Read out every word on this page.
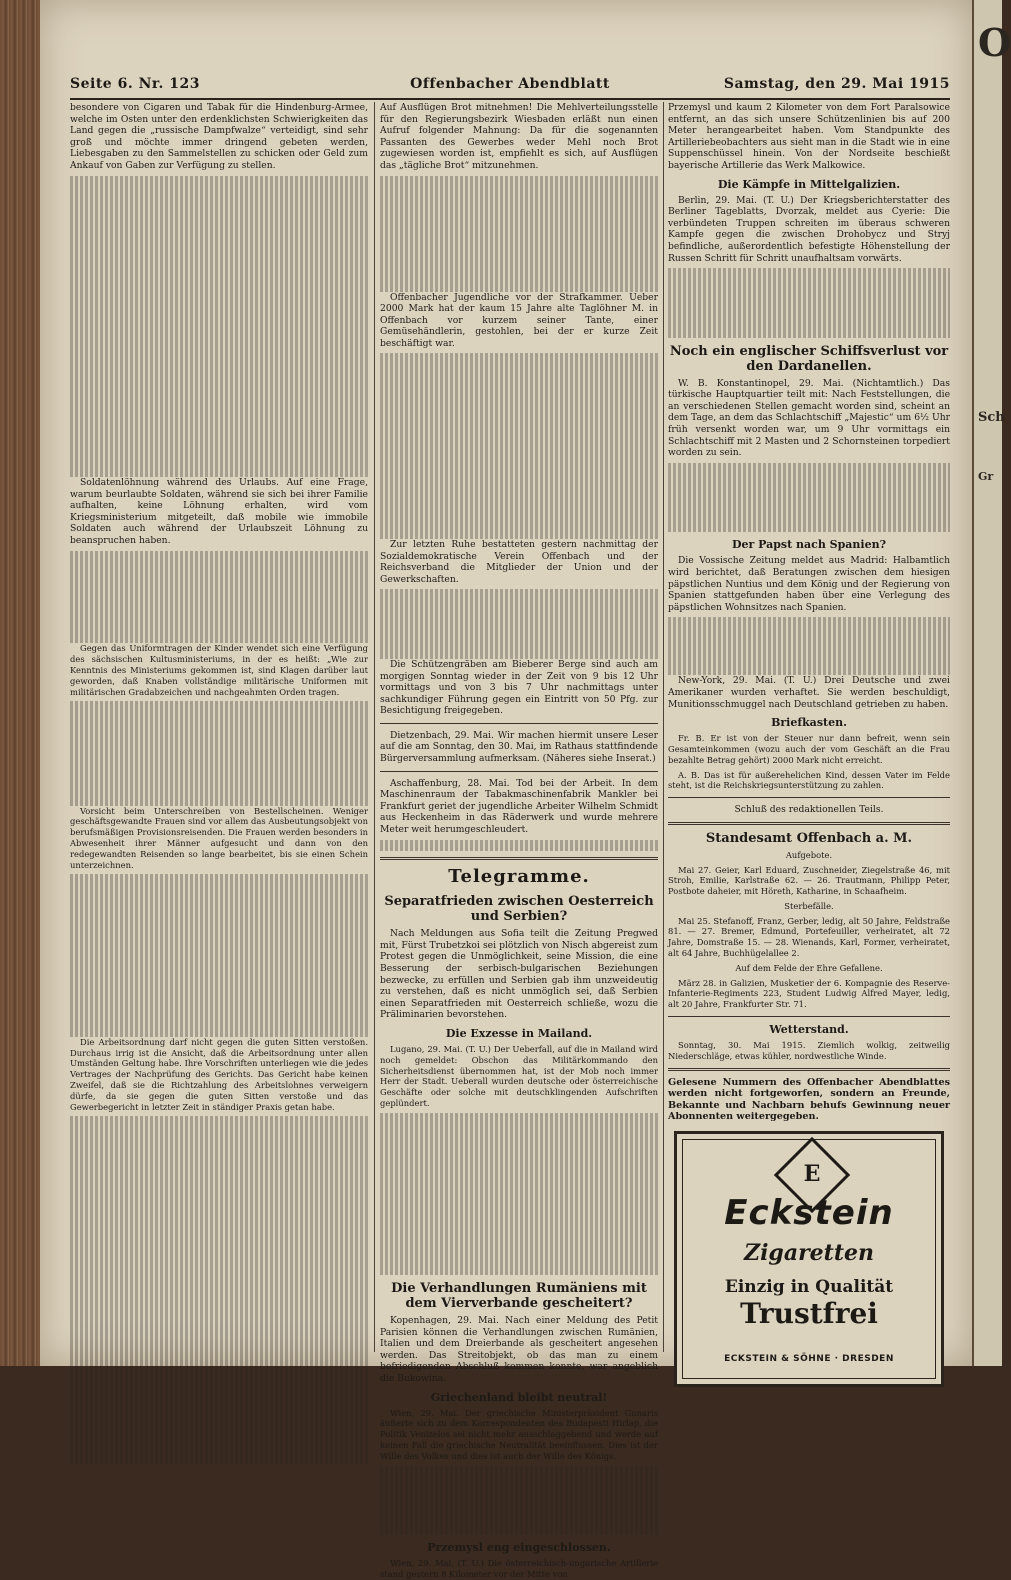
O
Gr
Sch
Seite 6. Nr. 123	Offenbacher Abendblatt	Samstag, den 29. Mai 1915

besondere von Cigaren und Tabak für die Hindenburg-Armee, welche im Osten unter den erdenklichsten Schwierigkeiten das Land gegen die „russische Dampfwalze“ verteidigt, sind sehr groß und möchte immer dringend gebeten werden, Liebesgaben zu den Sammelstellen zu schicken oder Geld zum Ankauf von Gaben zur Verfügung zu stellen.

Soldatenlöhnung während des Urlaubs. Auf eine Frage, warum beurlaubte Soldaten, während sie sich bei ihrer Familie aufhalten, keine Löhnung erhalten, wird vom Kriegsministerium mitgeteilt, daß mobile wie immobile Soldaten auch während der Urlaubszeit Löhnung zu beanspruchen haben.

Gegen das Uniformtragen der Kinder wendet sich eine Verfügung des sächsischen Kultusministeriums, in der es heißt: „Wie zur Kenntnis des Ministeriums gekommen ist, sind Klagen darüber laut geworden, daß Knaben vollständige militärische Uniformen mit militärischen Gradabzeichen und nachgeahmten Orden tragen.

Vorsicht beim Unterschreiben von Bestellscheinen. Weniger geschäftsgewandte Frauen sind vor allem das Ausbeutungsobjekt von berufsmäßigen Provisionsreisenden. Die Frauen werden besonders in Abwesenheit ihrer Männer aufgesucht und dann von den redegewandten Reisenden so lange bearbeitet, bis sie einen Schein unterzeichnen.

Die Arbeitsordnung darf nicht gegen die guten Sitten verstoßen. Durchaus irrig ist die Ansicht, daß die Arbeitsordnung unter allen Umständen Geltung habe. Ihre Vorschriften unterliegen wie die jedes Vertrages der Nachprüfung des Gerichts. Das Gericht habe keinen Zweifel, daß sie die Richtzahlung des Arbeitslohnes verweigern dürfe, da sie gegen die guten Sitten verstoße und das Gewerbegericht in letzter Zeit in ständiger Praxis getan habe.

Auf Ausflügen Brot mitnehmen! Die Mehlverteilungsstelle für den Regierungsbezirk Wiesbaden erläßt nun einen Aufruf folgender Mahnung: Da für die sogenannten Passanten des Gewerbes weder Mehl noch Brot zugewiesen worden ist, empfiehlt es sich, auf Ausflügen das „tägliche Brot“ mitzunehmen.

Offenbacher Jugendliche vor der Strafkammer. Ueber 2000 Mark hat der kaum 15 Jahre alte Taglöhner M. in Offenbach vor kurzem seiner Tante, einer Gemüsehändlerin, gestohlen, bei der er kurze Zeit beschäftigt war.

Zur letzten Ruhe bestatteten gestern nachmittag der Sozialdemokratische Verein Offenbach und der Reichsverband die Mitglieder der Union und der Gewerkschaften.

Die Schützengräben am Bieberer Berge sind auch am morgigen Sonntag wieder in der Zeit von 9 bis 12 Uhr vormittags und von 3 bis 7 Uhr nachmittags unter sachkundiger Führung gegen ein Eintritt von 50 Pfg. zur Besichtigung freigegeben.

Dietzenbach, 29. Mai. Wir machen hiermit unsere Leser auf die am Sonntag, den 30. Mai, im Rathaus stattfindende Bürgerversammlung aufmerksam. (Näheres siehe Inserat.)

Aschaffenburg, 28. Mai. Tod bei der Arbeit. In dem Maschinenraum der Tabakmaschinenfabrik Mankler bei Frankfurt geriet der jugendliche Arbeiter Wilhelm Schmidt aus Heckenheim in das Räderwerk und wurde mehrere Meter weit herumgeschleudert.

Telegramme.
Separatfrieden zwischen Oesterreich und Serbien?

Nach Meldungen aus Sofia teilt die Zeitung Pregwed mit, Fürst Trubetzkoi sei plötzlich von Nisch abgereist zum Protest gegen die Unmöglichkeit, seine Mission, die eine Besserung der serbisch-bulgarischen Beziehungen bezwecke, zu erfüllen und Serbien gab ihm unzweideutig zu verstehen, daß es nicht unmöglich sei, daß Serbien einen Separatfrieden mit Oesterreich schließe, wozu die Präliminarien bevorstehen.

Die Exzesse in Mailand.

Lugano, 29. Mai. (T. U.) Der Ueberfall, auf die in Mailand wird noch gemeldet: Obschon das Militärkommando den Sicherheitsdienst übernommen hat, ist der Mob noch immer Herr der Stadt. Ueberall wurden deutsche oder österreichische Geschäfte oder solche mit deutschklingenden Aufschriften geplündert.

Die Verhandlungen Rumäniens mit dem Vierverbande gescheitert?

Kopenhagen, 29. Mai. Nach einer Meldung des Petit Parisien können die Verhandlungen zwischen Rumänien, Italien und dem Dreierbande als gescheitert angesehen werden. Das Streitobjekt, ob das man zu einem befriedigenden Abschluß kommen konnte, war angeblich die Bukowina.

Griechenland bleibt neutral!

Wien, 29. Mai. Der griechische Ministerpräsident Gunaris äußerte sich zu dem Korrespondenten des Budapesti Hirlap, die Politik Venizelos sei nicht mehr ausschlaggebend und werde auf keinen Fall die griechische Neutralität beeinflussen. Dies ist der Wille des Volkes und dies ist auch der Wille des Königs.

Przemysl eng eingeschlossen.

Wien, 29. Mai. (T. U.) Die österreichisch-ungarische Artillerie stand gestern 8 Kilometer vor der Mitte von

Przemysl und kaum 2 Kilometer von dem Fort Paralsowice entfernt, an das sich unsere Schützenlinien bis auf 200 Meter herangearbeitet haben. Vom Standpunkte des Artilleriebeobachters aus sieht man in die Stadt wie in eine Suppenschüssel hinein. Von der Nordseite beschießt bayerische Artillerie das Werk Malkowice.

Die Kämpfe in Mittelgalizien.

Berlin, 29. Mai. (T. U.) Der Kriegsberichterstatter des Berliner Tageblatts, Dvorzak, meldet aus Cyerie: Die verbündeten Truppen schreiten im überaus schweren Kampfe gegen die zwischen Drohobycz und Stryj befindliche, außerordentlich befestigte Höhenstellung der Russen Schritt für Schritt unaufhaltsam vorwärts.

Noch ein englischer Schiffsverlust vor den Dardanellen.

W. B. Konstantinopel, 29. Mai. (Nichtamtlich.) Das türkische Hauptquartier teilt mit: Nach Feststellungen, die an verschiedenen Stellen gemacht worden sind, scheint an dem Tage, an dem das Schlachtschiff „Majestic“ um 6½ Uhr früh versenkt worden war, um 9 Uhr vormittags ein Schlachtschiff mit 2 Masten und 2 Schornsteinen torpediert worden zu sein.

Der Papst nach Spanien?

Die Vossische Zeitung meldet aus Madrid: Halbamtlich wird berichtet, daß Beratungen zwischen dem hiesigen päpstlichen Nuntius und dem König und der Regierung von Spanien stattgefunden haben über eine Verlegung des päpstlichen Wohnsitzes nach Spanien.

New-York, 29. Mai. (T. U.) Drei Deutsche und zwei Amerikaner wurden verhaftet. Sie werden beschuldigt, Munitionsschmuggel nach Deutschland getrieben zu haben.

Briefkasten.

Fr. B. Er ist von der Steuer nur dann befreit, wenn sein Gesamteinkommen (wozu auch der vom Geschäft an die Frau bezahlte Betrag gehört) 2000 Mark nicht erreicht.

A. B. Das ist für außerehelichen Kind, dessen Vater im Felde steht, ist die Reichskriegsunterstützung zu zahlen.

Schluß des redaktionellen Teils.

Standesamt Offenbach a. M.

Aufgebote.

Mai 27. Geier, Karl Eduard, Zuschneider, Ziegelstraße 46, mit Stroh, Emilie, Karlstraße 62. — 26. Trautmann, Philipp Peter, Postbote daheier, mit Höreth, Katharine, in Schaafheim.

Sterbefälle.

Mai 25. Stefanoff, Franz, Gerber, ledig, alt 50 Jahre, Feldstraße 81. — 27. Bremer, Edmund, Portefeuiller, verheiratet, alt 72 Jahre, Domstraße 15. — 28. Wienands, Karl, Former, verheiratet, alt 64 Jahre, Buchhügelallee 2.

Auf dem Felde der Ehre Gefallene.

März 28. in Galizien, Musketier der 6. Kompagnie des Reserve-Infanterie-Regiments 223, Student Ludwig Alfred Mayer, ledig, alt 20 Jahre, Frankfurter Str. 71.

Wetterstand.

Sonntag, 30. Mai 1915. Ziemlich wolkig, zeitweilig Niederschläge, etwas kühler, nordwestliche Winde.

Gelesene Nummern des Offenbacher Abendblattes werden nicht fortgeworfen, sondern an Freunde, Bekannte und Nachbarn behufs Gewinnung neuer Abonnenten weitergegeben.

E
Eckstein
Zigaretten
Einzig in Qualität
Trustfrei
ECKSTEIN & SÖHNE · DRESDEN
